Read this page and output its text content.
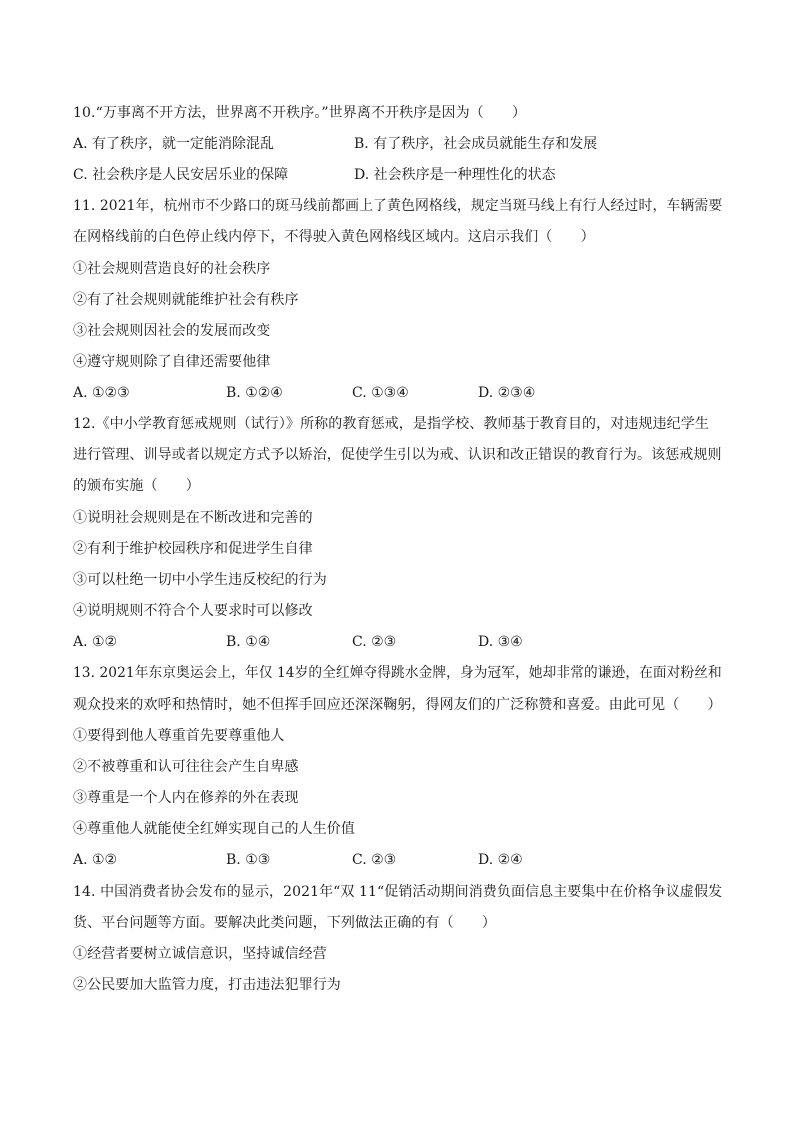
10.“万事离不开方法，世界离不开秩序。”世界离不开秩序是因为（　　）
A. 有了秩序，就一定能消除混乱	B. 有了秩序，社会成员就能生存和发展
C. 社会秩序是人民安居乐业的保障	D. 社会秩序是一种理性化的状态
11. 2021年，杭州市不少路口的斑马线前都画上了黄色网格线，规定当斑马线上有行人经过时，车辆需要
在网格线前的白色停止线内停下，不得驶入黄色网格线区域内。这启示我们（　　）
①社会规则营造良好的社会秩序
②有了社会规则就能维护社会有秩序
③社会规则因社会的发展而改变
④遵守规则除了自律还需要他律
A. ①②③	B. ①②④	C. ①③④	D. ②③④
12.《中小学教育惩戒规则（试行）》所称的教育惩戒，是指学校、教师基于教育目的，对违规违纪学生
进行管理、训导或者以规定方式予以矫治，促使学生引以为戒、认识和改正错误的教育行为。该惩戒规则
的颁布实施（　　）
①说明社会规则是在不断改进和完善的
②有利于维护校园秩序和促进学生自律
③可以杜绝一切中小学生违反校纪的行为
④说明规则不符合个人要求时可以修改
A. ①②	B. ①④	C. ②③	D. ③④
13. 2021年东京奥运会上，年仅 14岁的全红婵夺得跳水金牌，身为冠军，她却非常的谦逊，在面对粉丝和
观众投来的欢呼和热情时，她不但挥手回应还深深鞠躬，得网友们的广泛称赞和喜爱。由此可见（　　）
①要得到他人尊重首先要尊重他人
②不被尊重和认可往往会产生自卑感
③尊重是一个人内在修养的外在表现
④尊重他人就能使全红婵实现自己的人生价值
A. ①②	B. ①③	C. ②③	D. ②④
14. 中国消费者协会发布的显示，2021年“双 11“促销活动期间消费负面信息主要集中在价格争议虚假发
货、平台问题等方面。要解决此类问题，下列做法正确的有（　　）
①经营者要树立诚信意识，坚持诚信经营
②公民要加大监管力度，打击违法犯罪行为
